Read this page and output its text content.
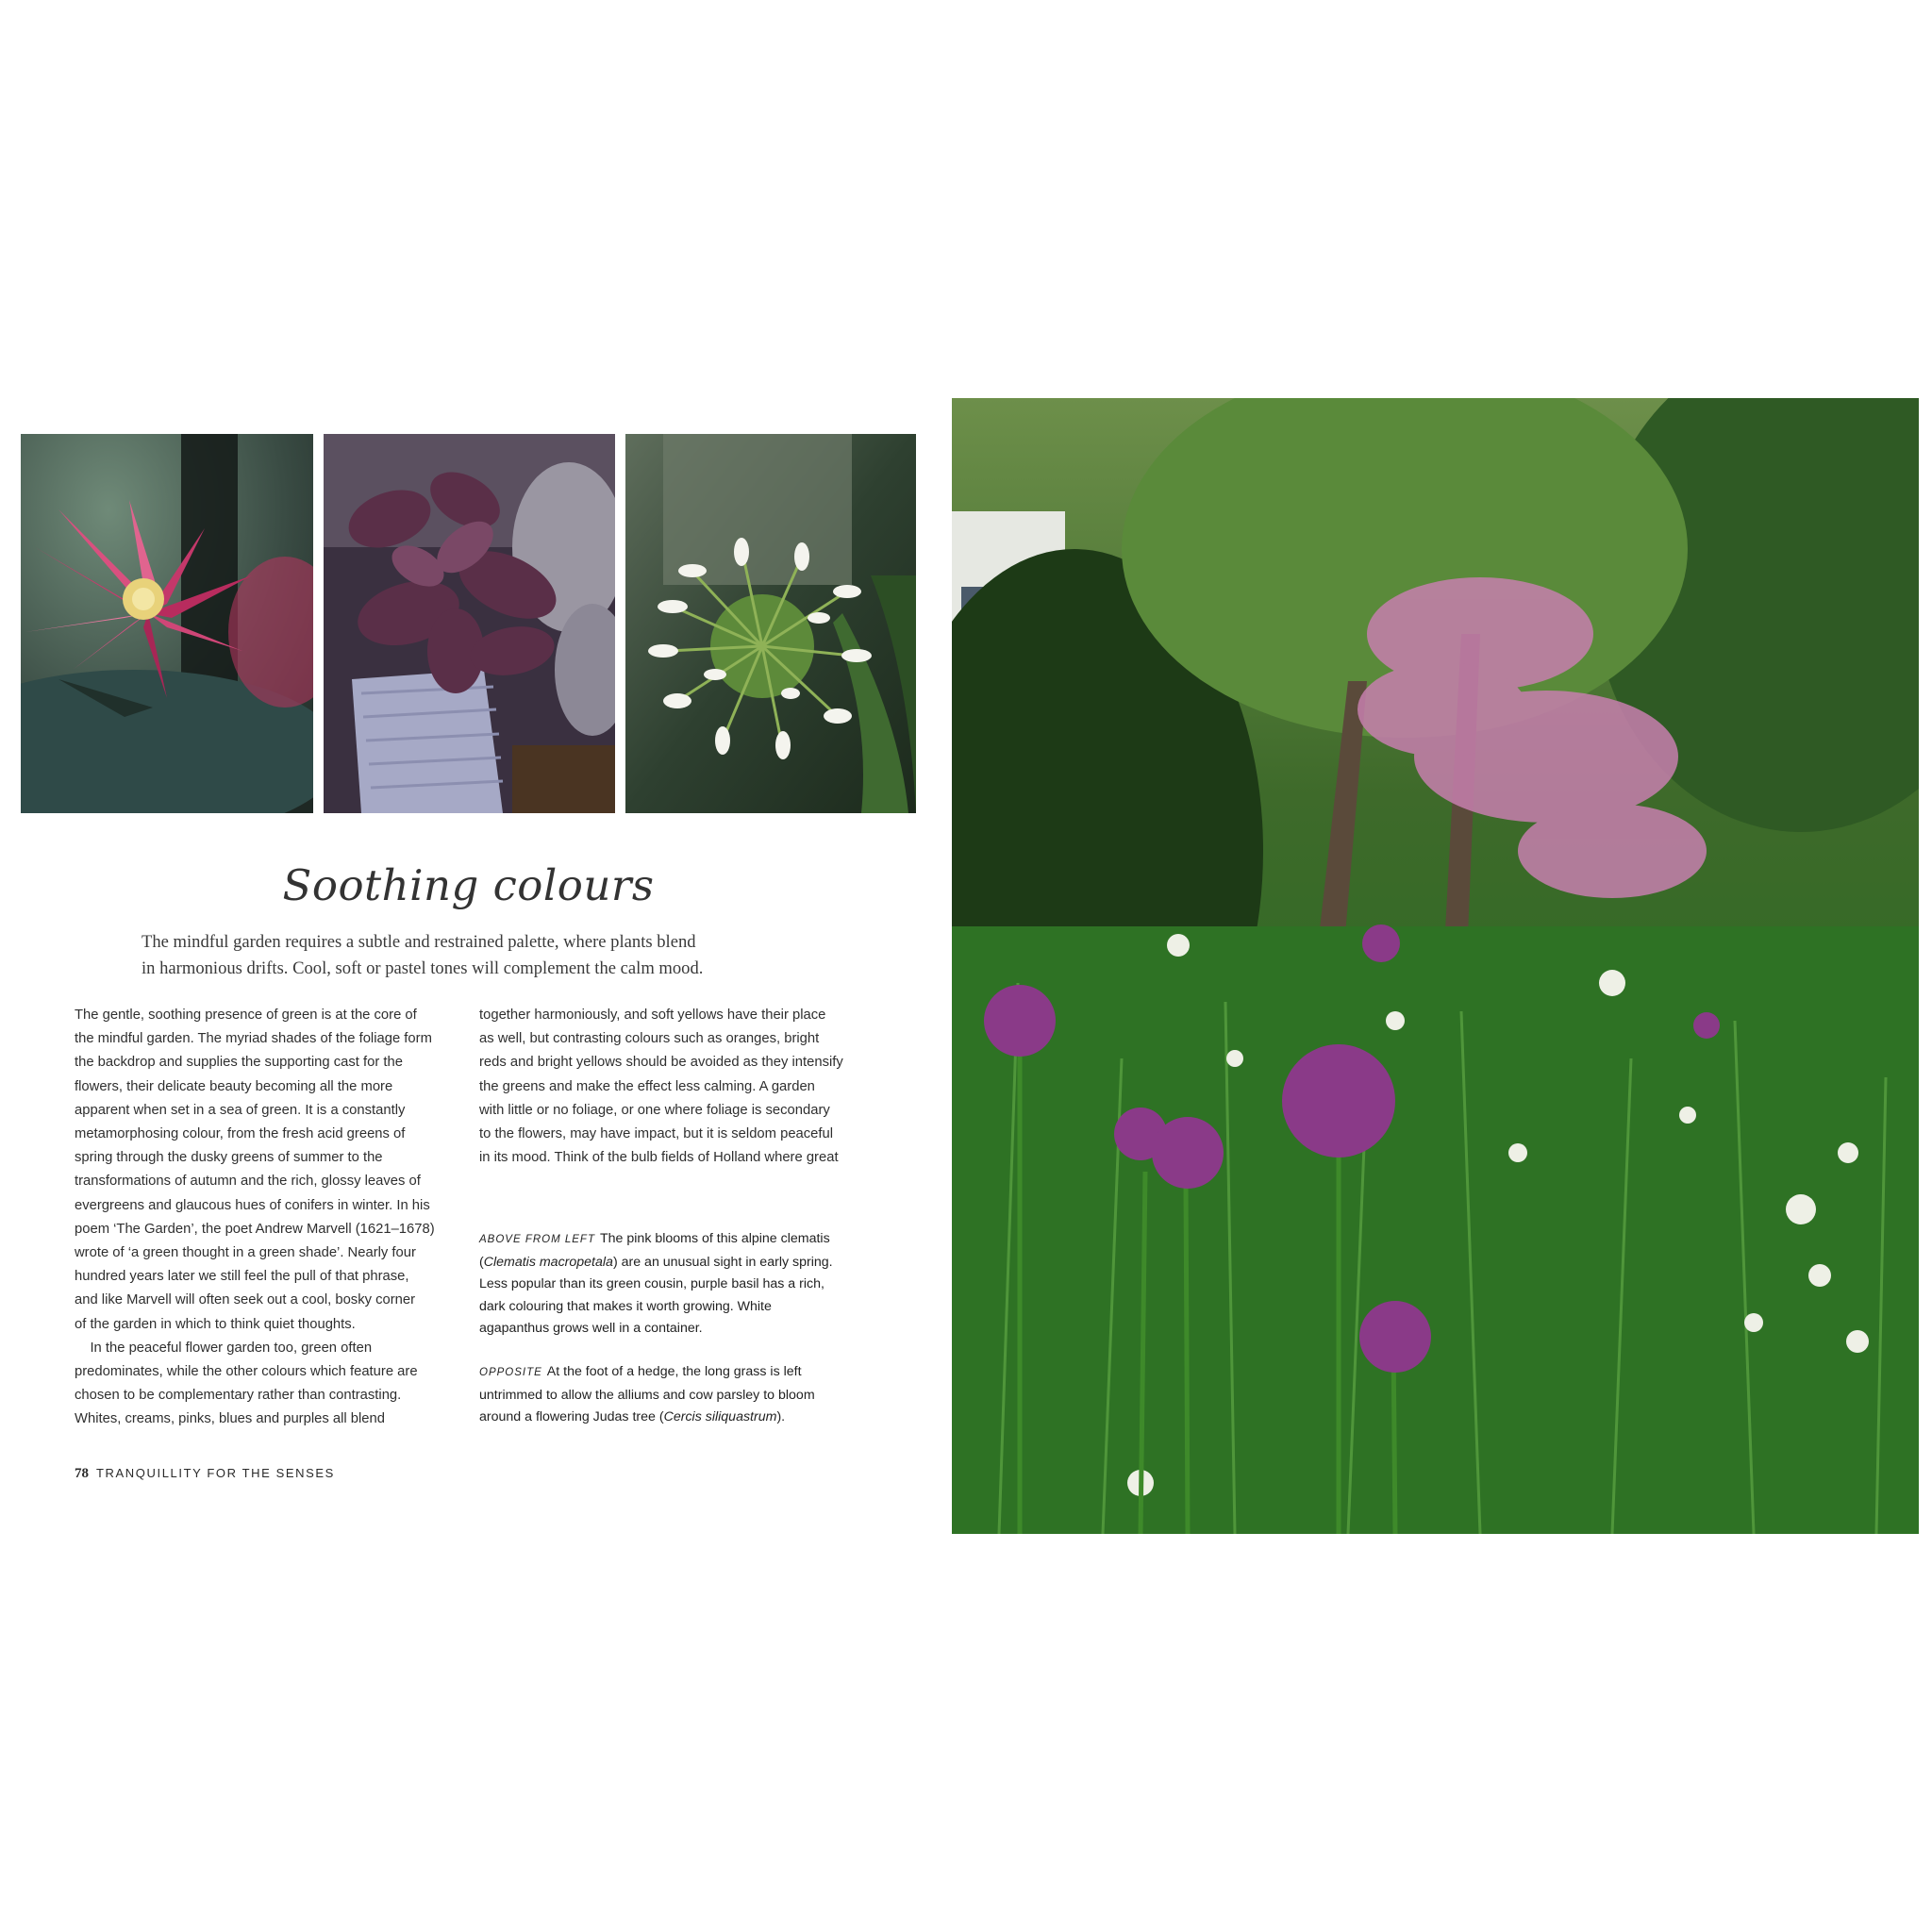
Soothing colours
The mindful garden requires a subtle and restrained palette, where plants blend
in harmonious drifts. Cool, soft or pastel tones will complement the calm mood.
The gentle, soothing presence of green is at the core of
the mindful garden. The myriad shades of the foliage form
the backdrop and supplies the supporting cast for the
flowers, their delicate beauty becoming all the more
apparent when set in a sea of green. It is a constantly
metamorphosing colour, from the fresh acid greens of
spring through the dusky greens of summer to the
transformations of autumn and the rich, glossy leaves of
evergreens and glaucous hues of conifers in winter. In his
poem ‘The Garden’, the poet Andrew Marvell (1621–1678)
wrote of ‘a green thought in a green shade’. Nearly four
hundred years later we still feel the pull of that phrase,
and like Marvell will often seek out a cool, bosky corner
of the garden in which to think quiet thoughts.
In the peaceful flower garden too, green often
predominates, while the other colours which feature are
chosen to be complementary rather than contrasting.
Whites, creams, pinks, blues and purples all blend
together harmoniously, and soft yellows have their place
as well, but contrasting colours such as oranges, bright
reds and bright yellows should be avoided as they intensify
the greens and make the effect less calming. A garden
with little or no foliage, or one where foliage is secondary
to the flowers, may have impact, but it is seldom peaceful
in its mood. Think of the bulb fields of Holland where great
ABOVE FROM LEFT The pink blooms of this alpine clematis
(Clematis macropetala) are an unusual sight in early spring.
Less popular than its green cousin, purple basil has a rich,
dark colouring that makes it worth growing. White
agapanthus grows well in a container.
OPPOSITE At the foot of a hedge, the long grass is left
untrimmed to allow the alliums and cow parsley to bloom
around a flowering Judas tree (Cercis siliquastrum).
78 TRANQUILLITY FOR THE SENSES
